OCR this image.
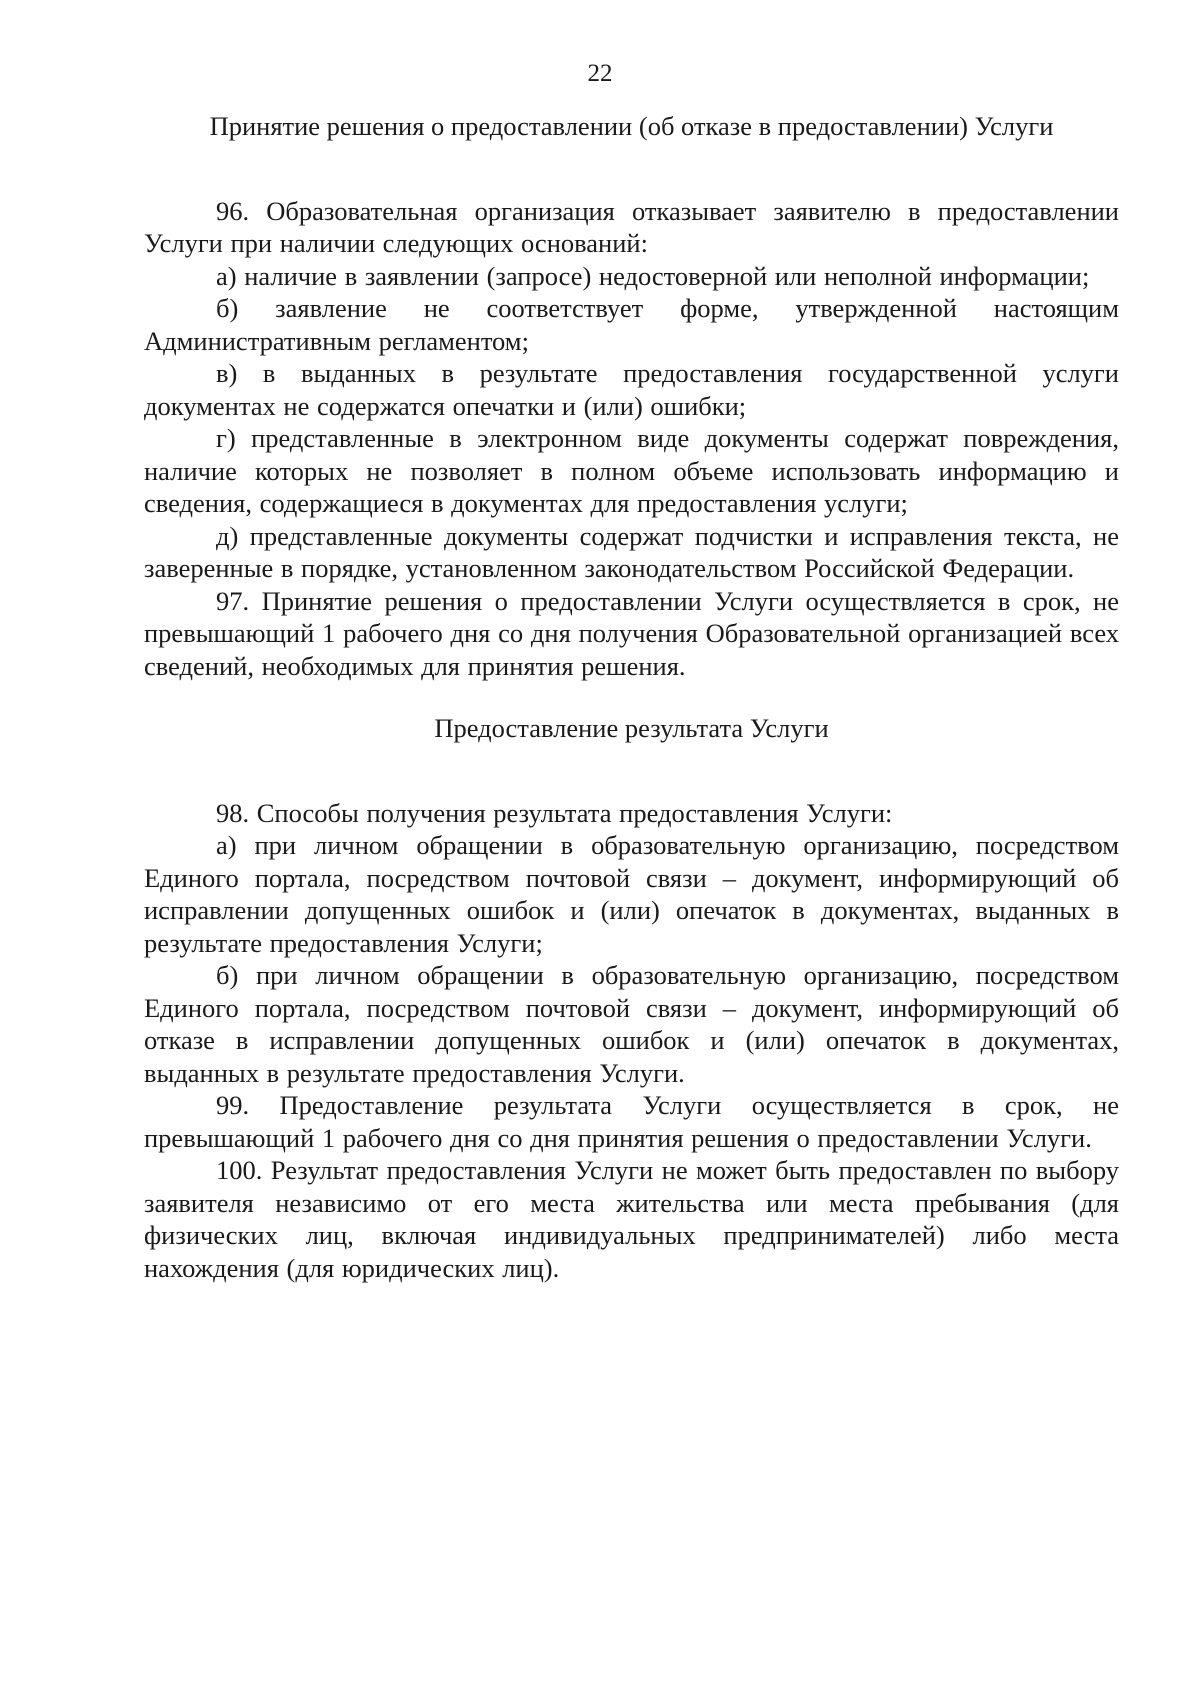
22
Принятие решения о предоставлении (об отказе в предоставлении) Услуги

96. Образовательная организация отказывает заявителю в предоставлении Услуги при наличии следующих оснований:

а) наличие в заявлении (запросе) недостоверной или неполной информации;

б) заявление не соответствует форме, утвержденной настоящим Административным регламентом;

в) в выданных в результате предоставления государственной услуги документах не содержатся опечатки и (или) ошибки;

г) представленные в электронном виде документы содержат повреждения, наличие которых не позволяет в полном объеме использовать информацию и сведения, содержащиеся в документах для предоставления услуги;

д) представленные документы содержат подчистки и исправления текста, не заверенные в порядке, установленном законодательством Российской Федерации.

97. Принятие решения о предоставлении Услуги осуществляется в срок, не превышающий 1 рабочего дня со дня получения Образовательной организацией всех сведений, необходимых для принятия решения.

Предоставление результата Услуги

98. Способы получения результата предоставления Услуги:

а) при личном обращении в образовательную организацию, посредством Единого портала, посредством почтовой связи – документ, информирующий об исправлении допущенных ошибок и (или) опечаток в документах, выданных в результате предоставления Услуги;

б) при личном обращении в образовательную организацию, посредством Единого портала, посредством почтовой связи – документ, информирующий об отказе в исправлении допущенных ошибок и (или) опечаток в документах, выданных в результате предоставления Услуги.

99. Предоставление результата Услуги осуществляется в срок, не превышающий 1 рабочего дня со дня принятия решения о предоставлении Услуги.

100. Результат предоставления Услуги не может быть предоставлен по выбору заявителя независимо от его места жительства или места пребывания (для физических лиц, включая индивидуальных предпринимателей) либо места нахождения (для юридических лиц).
